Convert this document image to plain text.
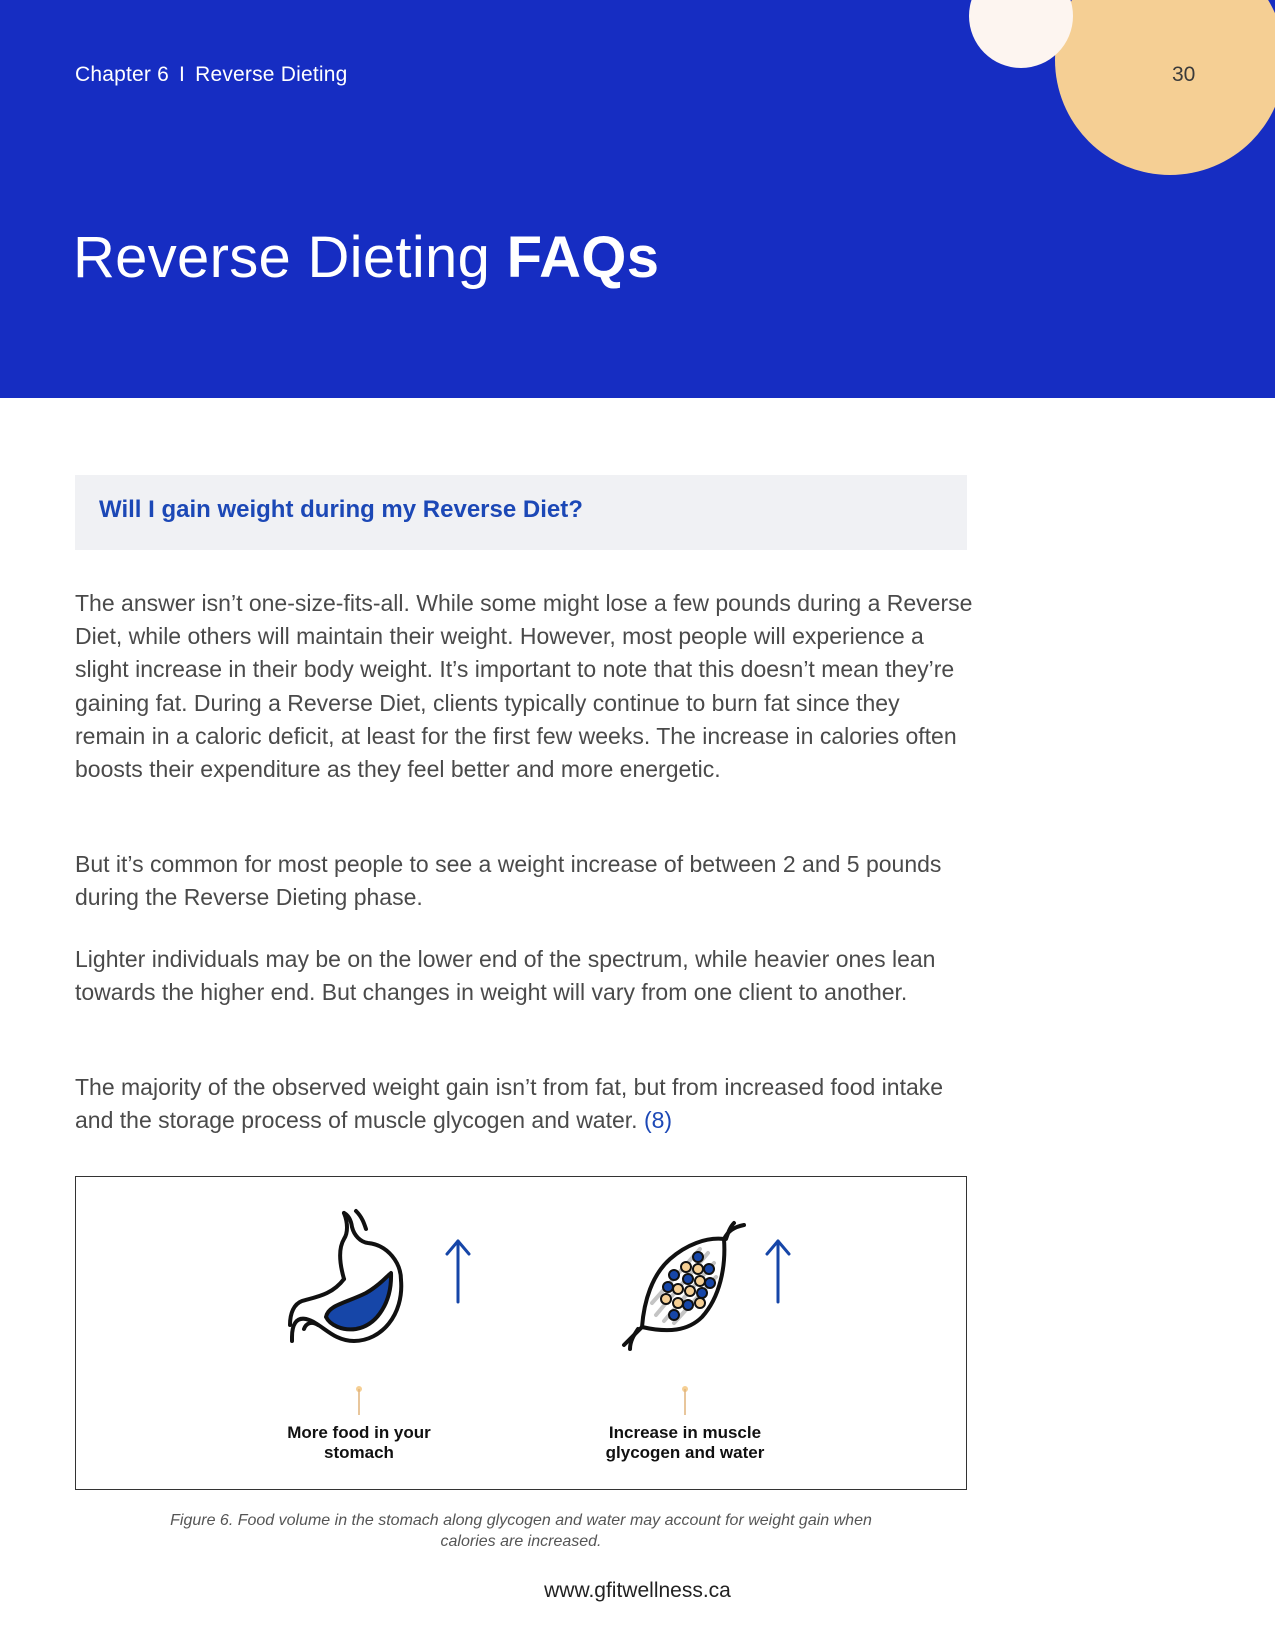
Chapter 6 I Reverse Dieting	30
Reverse Dieting FAQs
Will I gain weight during my Reverse Diet?

The answer isn’t one-size-fits-all. While some might lose a few pounds during a Reverse Diet, while others will maintain their weight. However, most people will experience a slight increase in their body weight. It’s important to note that this doesn’t mean they’re gaining fat. During a Reverse Diet, clients typically continue to burn fat since they remain in a caloric deficit, at least for the first few weeks. The increase in calories often boosts their expenditure as they feel better and more energetic.

But it’s common for most people to see a weight increase of between 2 and 5 pounds during the Reverse Dieting phase.

Lighter individuals may be on the lower end of the spectrum, while heavier ones lean towards the higher end. But changes in weight will vary from one client to another.

The majority of the observed weight gain isn’t from fat, but from increased food intake and the storage process of muscle glycogen and water. (8)

More food in your
stomach
Increase in muscle
glycogen and water

Figure 6. Food volume in the stomach along glycogen and water may account for weight gain when
calories are increased.

www.gfitwellness.ca
